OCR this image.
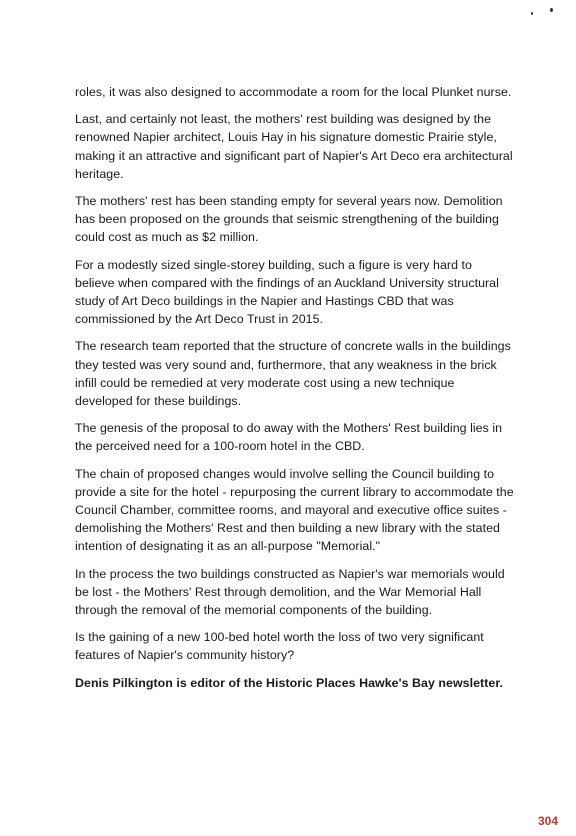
roles, it was also designed to accommodate a room for the local Plunket nurse.

Last, and certainly not least, the mothers' rest building was designed by the renowned Napier architect, Louis Hay in his signature domestic Prairie style, making it an attractive and significant part of Napier's Art Deco era architectural heritage.

The mothers' rest has been standing empty for several years now. Demolition has been proposed on the grounds that seismic strengthening of the building could cost as much as $2 million.

For a modestly sized single-storey building, such a figure is very hard to believe when compared with the findings of an Auckland University structural study of Art Deco buildings in the Napier and Hastings CBD that was commissioned by the Art Deco Trust in 2015.

The research team reported that the structure of concrete walls in the buildings they tested was very sound and, furthermore, that any weakness in the brick infill could be remedied at very moderate cost using a new technique developed for these buildings.

The genesis of the proposal to do away with the Mothers' Rest building lies in the perceived need for a 100-room hotel in the CBD.

The chain of proposed changes would involve selling the Council building to provide a site for the hotel - repurposing the current library to accommodate the Council Chamber, committee rooms, and mayoral and executive office suites - demolishing the Mothers' Rest and then building a new library with the stated intention of designating it as an all-purpose "Memorial."

In the process the two buildings constructed as Napier's war memorials would be lost - the Mothers' Rest through demolition, and the War Memorial Hall through the removal of the memorial components of the building.

Is the gaining of a new 100-bed hotel worth the loss of two very significant features of Napier's community history?

Denis Pilkington is editor of the Historic Places Hawke's Bay newsletter.

304
